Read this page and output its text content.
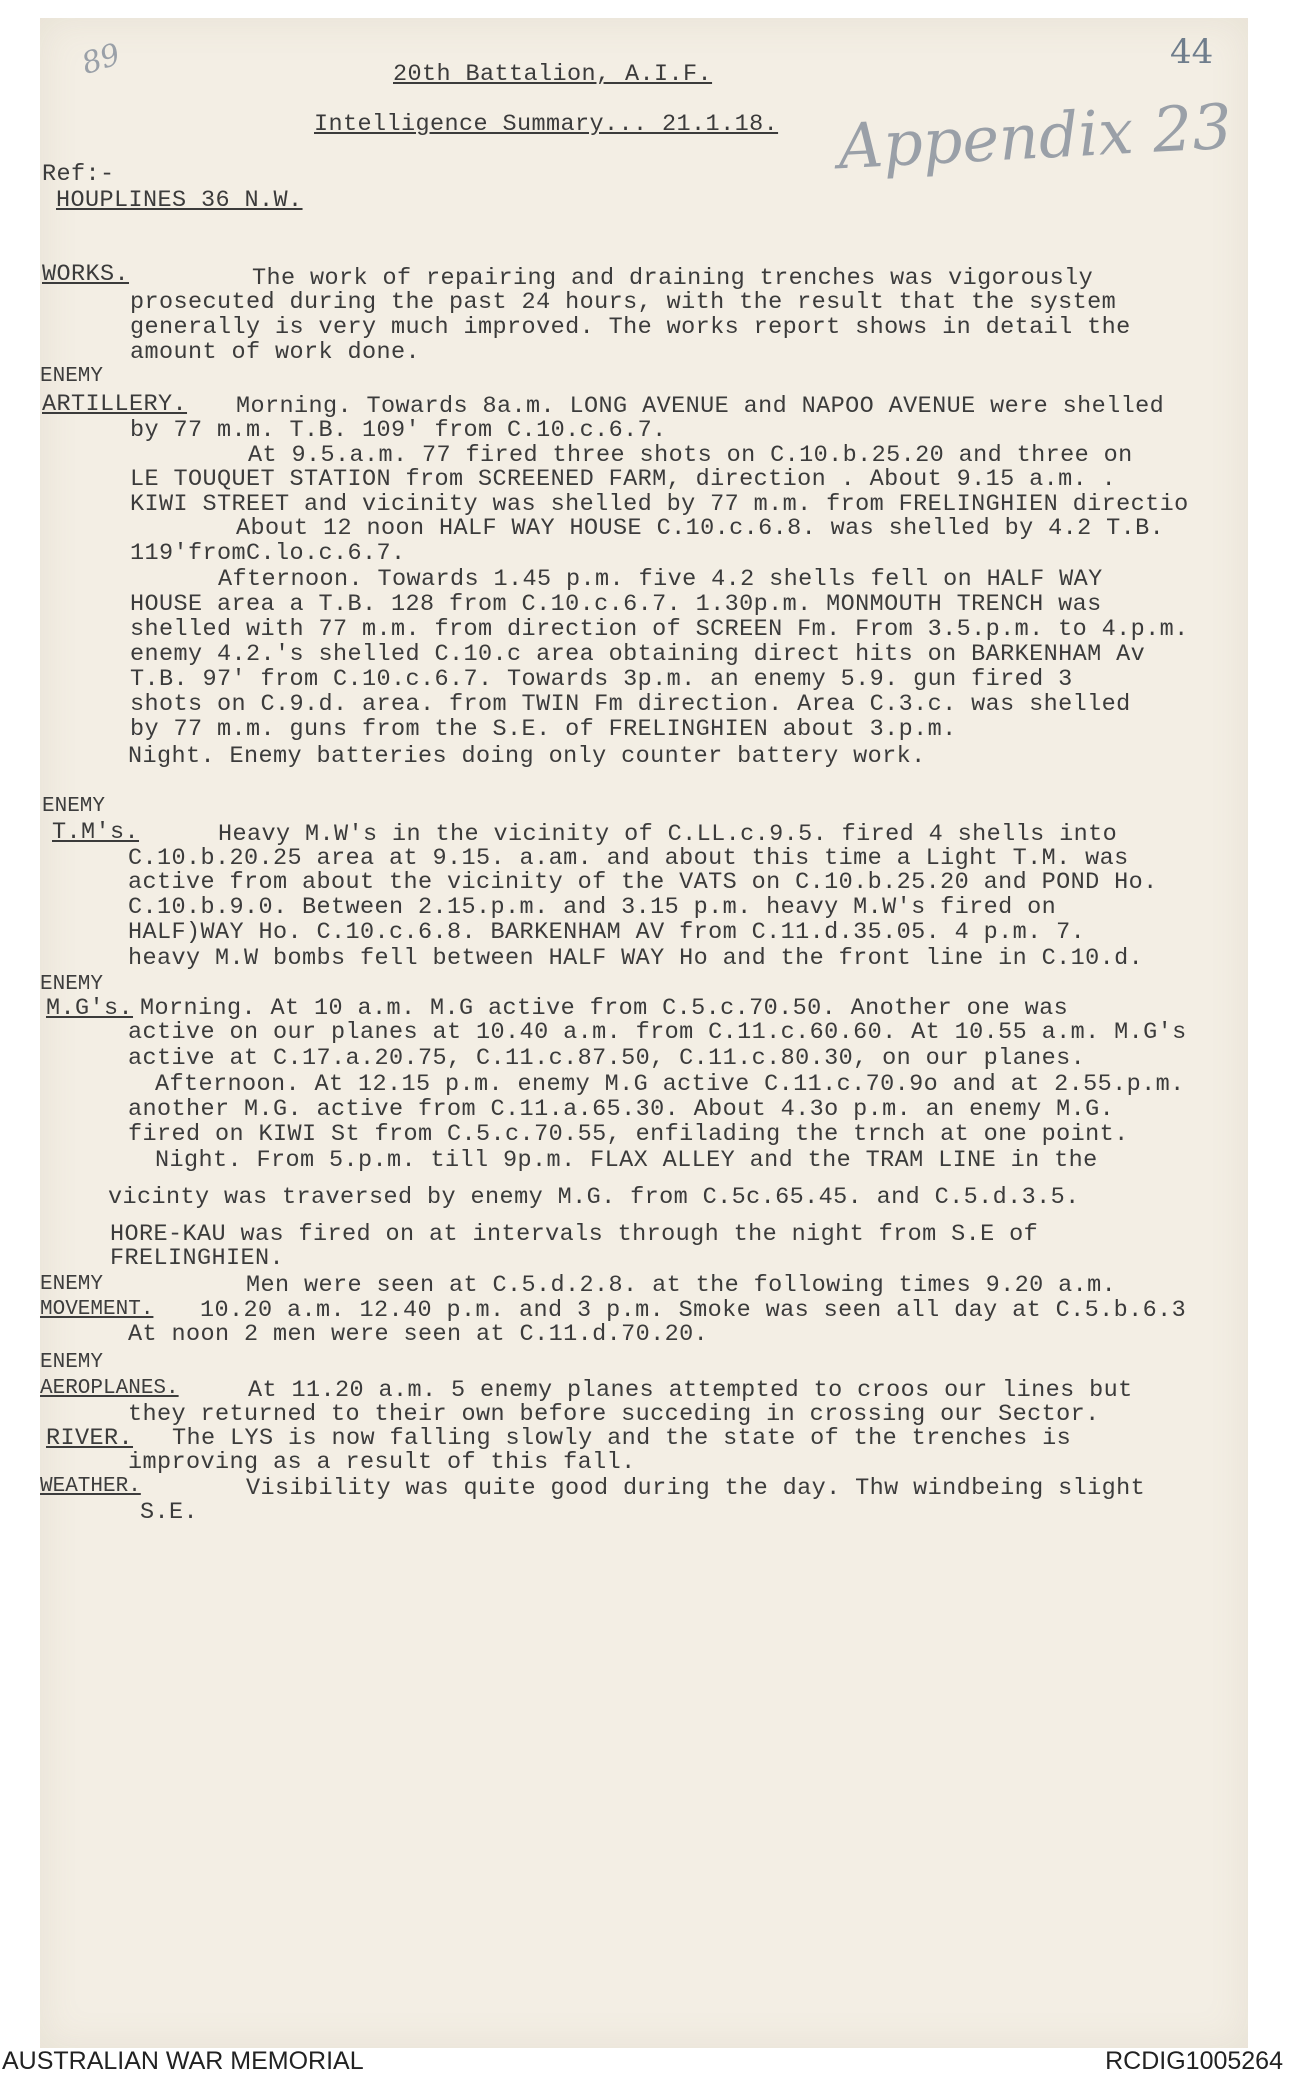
89	44
Appendix 23
20th Battalion, A.I.F.
Intelligence Summary... 21.1.18.
Ref:-
HOUPLINES 36 N.W.
WORKS.	The work of repairing and draining trenches was vigorously
prosecuted during the past 24 hours, with the result that the system
generally is very much improved. The works report shows in detail the
amount of work done.
ENEMY
ARTILLERY. Morning. Towards 8a.m. LONG AVENUE and NAPOO AVENUE were shelled
by 77 m.m. T.B. 109' from C.10.c.6.7.
At 9.5.a.m. 77 fired three shots on C.10.b.25.20 and three on
LE TOUQUET STATION from SCREENED FARM, direction . About 9.15 a.m. .
KIWI STREET and vicinity was shelled by 77 m.m. from FRELINGHIEN directio
About 12 noon HALF WAY HOUSE C.10.c.6.8. was shelled by 4.2 T.B.
119'fromC.lo.c.6.7.
Afternoon. Towards 1.45 p.m. five 4.2 shells fell on HALF WAY
HOUSE area a T.B. 128 from C.10.c.6.7. 1.30p.m. MONMOUTH TRENCH was
shelled with 77 m.m. from direction of SCREEN Fm. From 3.5.p.m. to 4.p.m.
enemy 4.2.'s shelled C.10.c area obtaining direct hits on BARKENHAM Av
T.B. 97' from C.10.c.6.7. Towards 3p.m. an enemy 5.9. gun fired 3
shots on C.9.d. area. from TWIN Fm direction. Area C.3.c. was shelled
by 77 m.m. guns from the S.E. of FRELINGHIEN about 3.p.m.
Night. Enemy batteries doing only counter battery work.
ENEMY
T.M's.	Heavy M.W's in the vicinity of C.LL.c.9.5. fired 4 shells into
C.10.b.20.25 area at 9.15. a.am. and about this time a Light T.M. was
active from about the vicinity of the VATS on C.10.b.25.20 and POND Ho.
C.10.b.9.0. Between 2.15.p.m. and 3.15 p.m. heavy M.W's fired on
HALF)WAY Ho. C.10.c.6.8. BARKENHAM AV from C.11.d.35.05. 4 p.m. 7.
heavy M.W bombs fell between HALF WAY Ho and the front line in C.10.d.
ENEMY
M.G's. Morning. At 10 a.m. M.G active from C.5.c.70.50. Another one was
active on our planes at 10.40 a.m. from C.11.c.60.60. At 10.55 a.m. M.G's
active at C.17.a.20.75, C.11.c.87.50, C.11.c.80.30, on our planes.
Afternoon. At 12.15 p.m. enemy M.G active C.11.c.70.9o and at 2.55.p.m.
another M.G. active from C.11.a.65.30. About 4.3o p.m. an enemy M.G.
fired on KIWI St from C.5.c.70.55, enfilading the trnch at one point.
Night. From 5.p.m. till 9p.m. FLAX ALLEY and the TRAM LINE in the
vicinty was traversed by enemy M.G. from C.5c.65.45. and C.5.d.3.5.
HORE-KAU was fired on at intervals through the night from S.E of
FRELINGHIEN.
ENEMY
MOVEMENT.
Men were seen at C.5.d.2.8. at the following times 9.20 a.m.
10.20 a.m. 12.40 p.m. and 3 p.m. Smoke was seen all day at C.5.b.6.3
At noon 2 men were seen at C.11.d.70.20.
ENEMY
AEROPLANES.	At 11.20 a.m. 5 enemy planes attempted to croos our lines but
they returned to their own before succeding in crossing our Sector.
RIVER. The LYS is now falling slowly and the state of the trenches is
improving as a result of this fall.
WEATHER.	Visibility was quite good during the day. Thw windbeing slight
S.E.
AUSTRALIAN WAR MEMORIAL	RCDIG1005264
